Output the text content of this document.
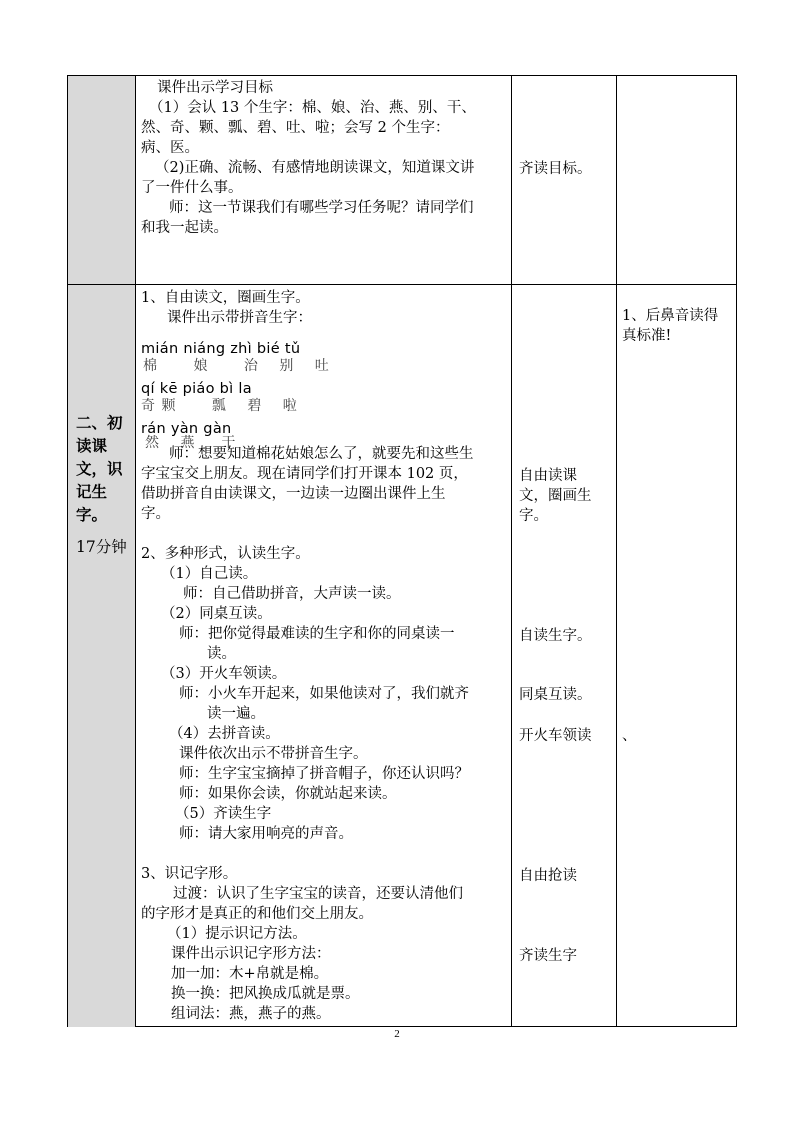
课件出示学习目标

（1）会认 13 个生字：棉、娘、治、燕、别、干、

然、奇、颗、瓢、碧、吐、啦；会写 2 个生字：

病、医。

（2)正确、流畅、有感情地朗读课文，知道课文讲

了一件什么事。

师：这一节课我们有哪些学习任务呢？请同学们

和我一起读。

齐读目标。

二、初读课文，识记生字。
17分钟

1、自由读文，圈画生字。

课件出示带拼音生字：

mián niáng zhì bié tǔ

棉 　　娘 　　治 　别 　吐

qí kē piáo bì la

奇 颗 　　瓢 　碧 　啦

rán yàn gàn

然 　燕 　 干

师：想要知道棉花姑娘怎么了，就要先和这些生

字宝宝交上朋友。现在请同学们打开课本 102 页，

借助拼音自由读课文，一边读一边圈出课件上生

字。

2、多种形式，认读生字。

（1）自己读。

师：自己借助拼音，大声读一读。

（2）同桌互读。

师：把你觉得最难读的生字和你的同桌读一

读。

（3）开火车领读。

师：小火车开起来，如果他读对了，我们就齐

读一遍。

（4）去拼音读。

课件依次出示不带拼音生字。

师：生字宝宝摘掉了拼音帽子，你还认识吗？

师：如果你会读，你就站起来读。

（5）齐读生字

师：请大家用响亮的声音。

3、识记字形。

过渡：认识了生字宝宝的读音，还要认清他们

的字形才是真正的和他们交上朋友。

（1）提示识记方法。

课件出示识记字形方法：

加一加：木+帛就是棉。

换一换：把风换成瓜就是票。

组词法：燕，燕子的燕。

自由读课

文，圈画生

字。

自读生字。
同桌互读。
开火车领读
自由抢读
齐读生字

1、后鼻音读得

真标准!

、
2
